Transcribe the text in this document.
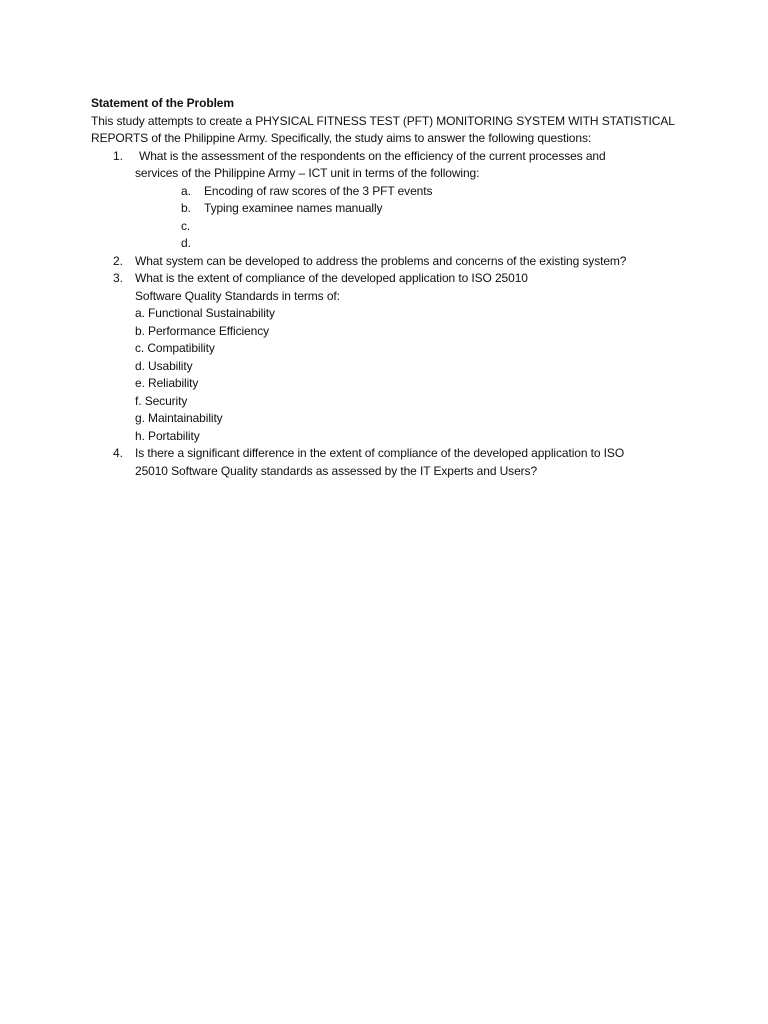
Statement of the Problem
This study attempts to create a PHYSICAL FITNESS TEST (PFT) MONITORING SYSTEM WITH STATISTICAL
REPORTS of the Philippine Army. Specifically, the study aims to answer the following questions:
1.	What is the assessment of the respondents on the efficiency of the current processes and
services of the Philippine Army – ICT unit in terms of the following:
a. Encoding of raw scores of the 3 PFT events
b. Typing examinee names manually
c.
d.
2. What system can be developed to address the problems and concerns of the existing system?
3. What is the extent of compliance of the developed application to ISO 25010
Software Quality Standards in terms of:
a. Functional Sustainability
b. Performance Efficiency
c. Compatibility
d. Usability
e. Reliability
f. Security
g. Maintainability
h. Portability
4. Is there a significant difference in the extent of compliance of the developed application to ISO
25010 Software Quality standards as assessed by the IT Experts and Users?
